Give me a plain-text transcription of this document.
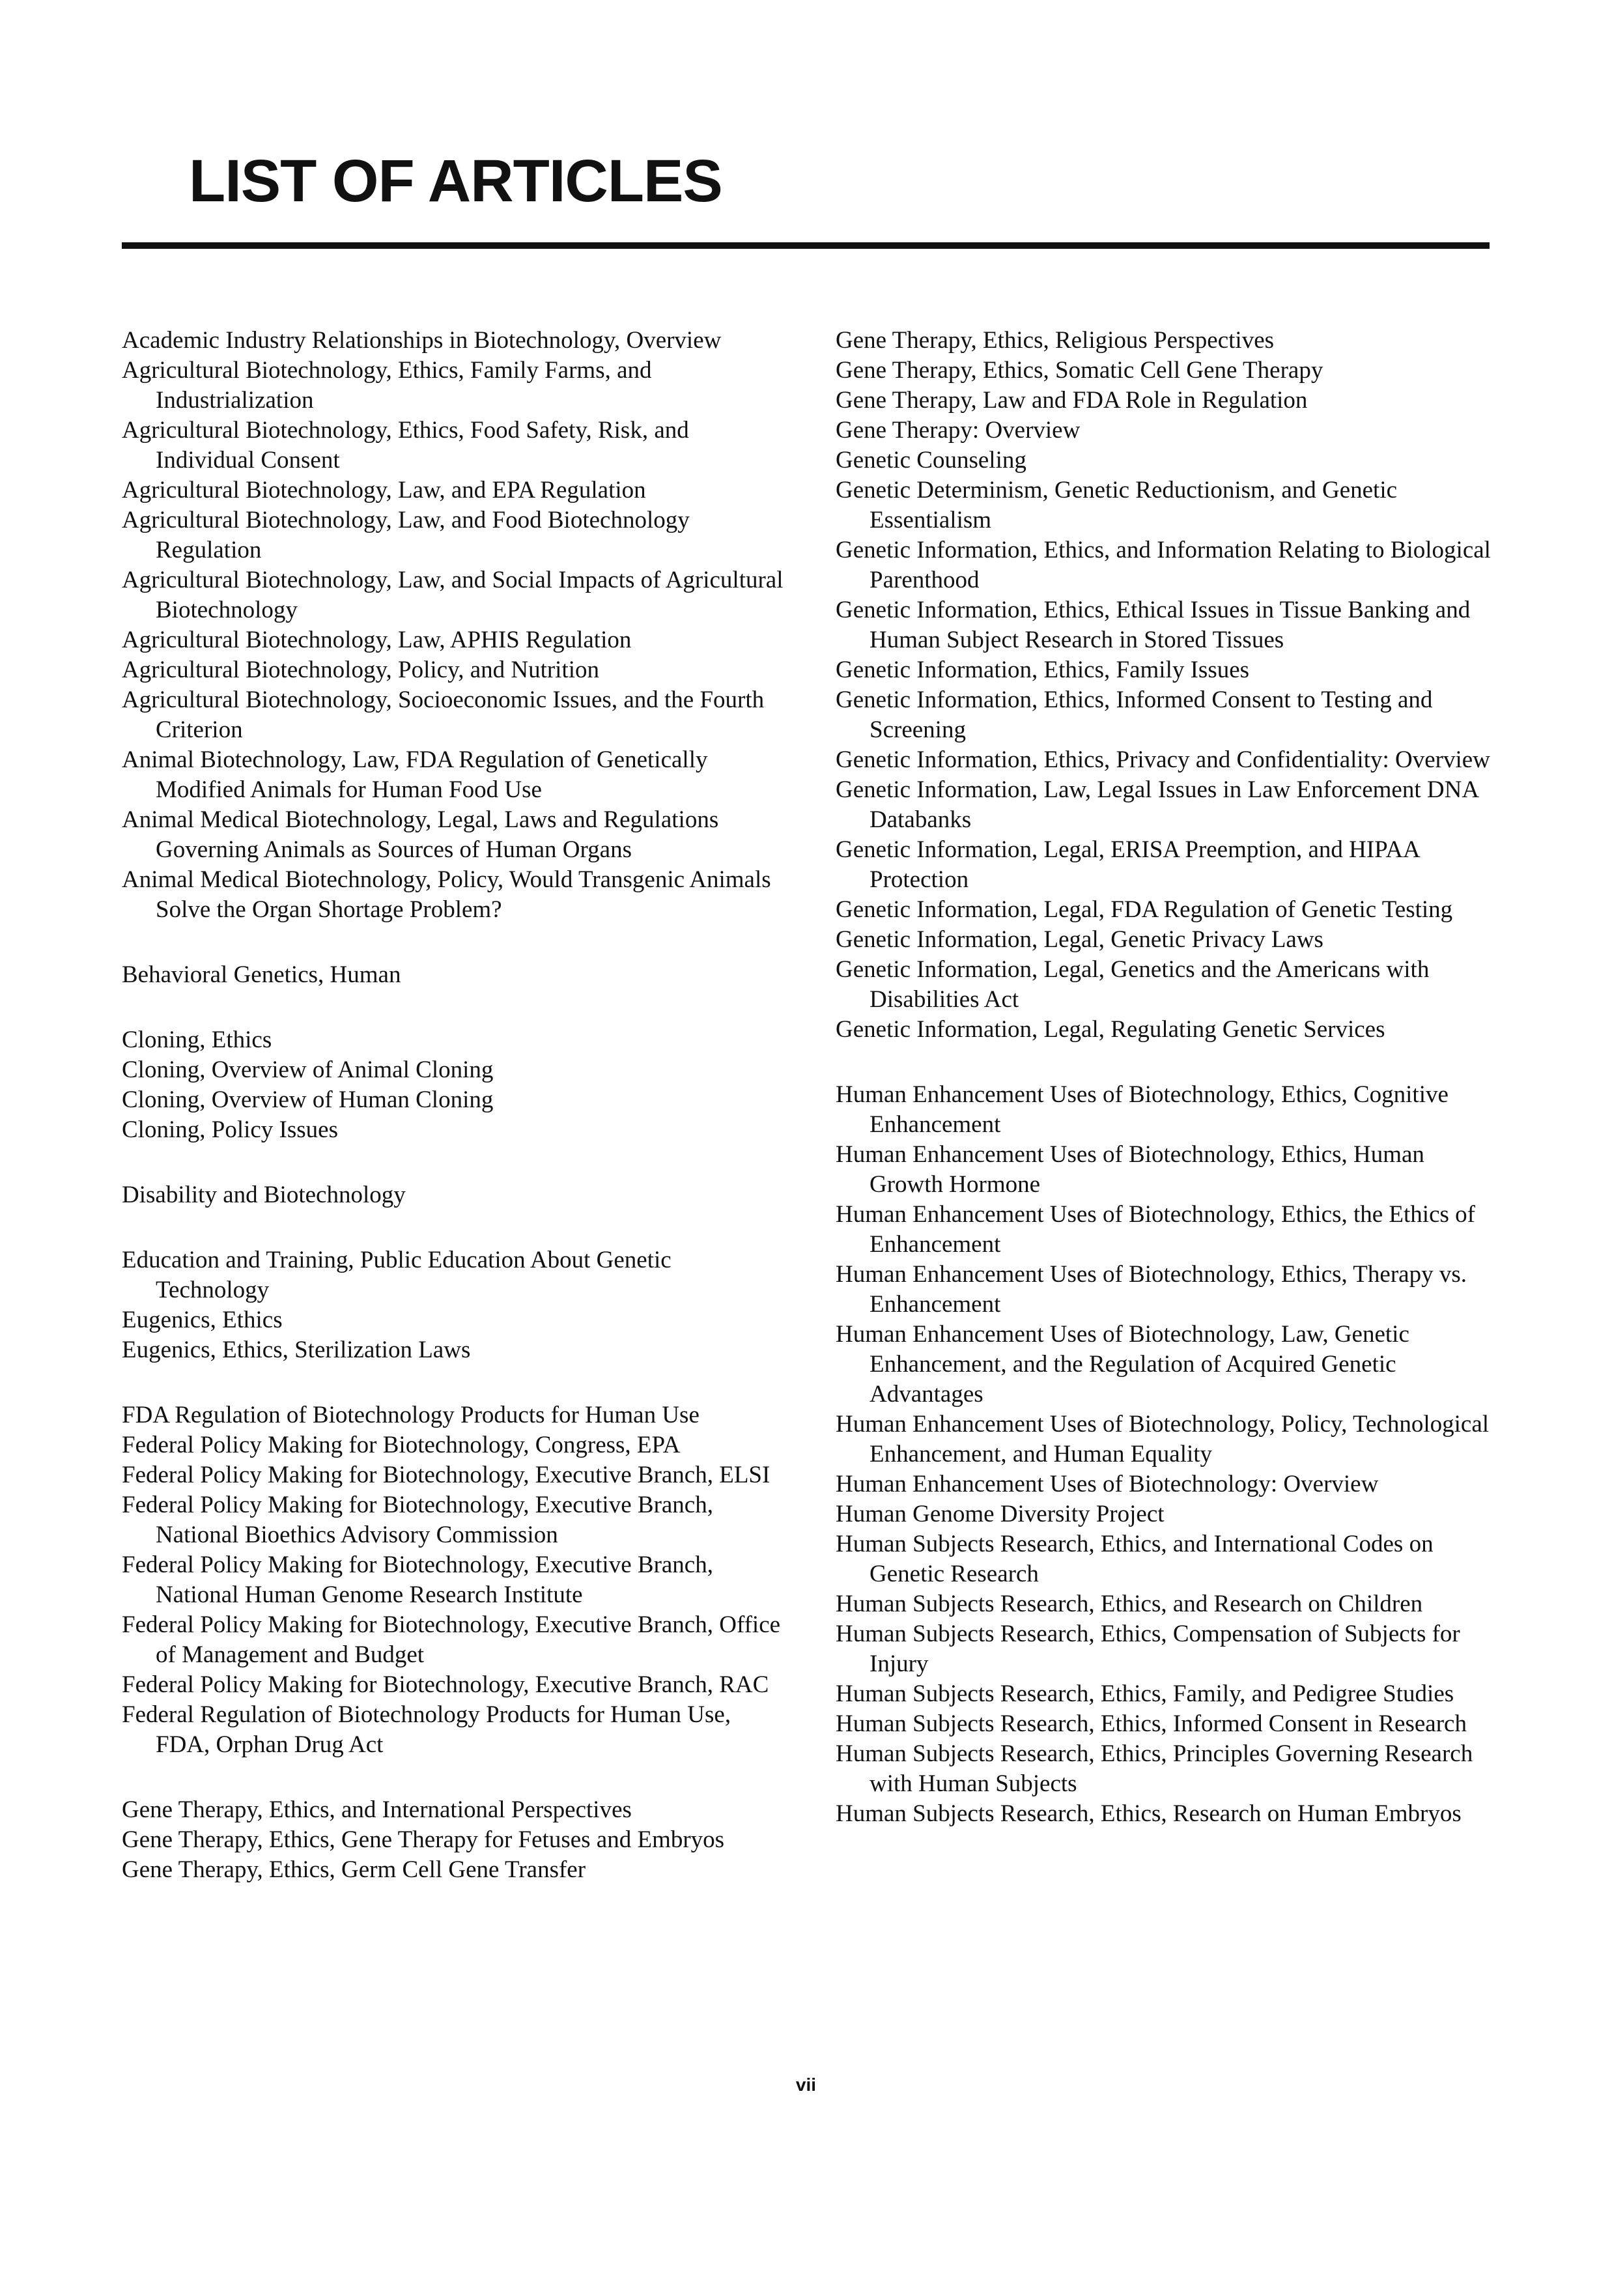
LIST OF ARTICLES
Academic Industry Relationships in Biotechnology, Overview
Agricultural Biotechnology, Ethics, Family Farms, and Industrialization
Agricultural Biotechnology, Ethics, Food Safety, Risk, and Individual Consent
Agricultural Biotechnology, Law, and EPA Regulation
Agricultural Biotechnology, Law, and Food Biotechnology Regulation
Agricultural Biotechnology, Law, and Social Impacts of Agricultural Biotechnology
Agricultural Biotechnology, Law, APHIS Regulation
Agricultural Biotechnology, Policy, and Nutrition
Agricultural Biotechnology, Socioeconomic Issues, and the Fourth Criterion
Animal Biotechnology, Law, FDA Regulation of Genetically Modified Animals for Human Food Use
Animal Medical Biotechnology, Legal, Laws and Regulations Governing Animals as Sources of Human Organs
Animal Medical Biotechnology, Policy, Would Transgenic Animals Solve the Organ Shortage Problem?
Behavioral Genetics, Human
Cloning, Ethics
Cloning, Overview of Animal Cloning
Cloning, Overview of Human Cloning
Cloning, Policy Issues
Disability and Biotechnology
Education and Training, Public Education About Genetic Technology
Eugenics, Ethics
Eugenics, Ethics, Sterilization Laws
FDA Regulation of Biotechnology Products for Human Use
Federal Policy Making for Biotechnology, Congress, EPA
Federal Policy Making for Biotechnology, Executive Branch, ELSI
Federal Policy Making for Biotechnology, Executive Branch, National Bioethics Advisory Commission
Federal Policy Making for Biotechnology, Executive Branch, National Human Genome Research Institute
Federal Policy Making for Biotechnology, Executive Branch, Office of Management and Budget
Federal Policy Making for Biotechnology, Executive Branch, RAC
Federal Regulation of Biotechnology Products for Human Use, FDA, Orphan Drug Act
Gene Therapy, Ethics, and International Perspectives
Gene Therapy, Ethics, Gene Therapy for Fetuses and Embryos
Gene Therapy, Ethics, Germ Cell Gene Transfer
Gene Therapy, Ethics, Religious Perspectives
Gene Therapy, Ethics, Somatic Cell Gene Therapy
Gene Therapy, Law and FDA Role in Regulation
Gene Therapy: Overview
Genetic Counseling
Genetic Determinism, Genetic Reductionism, and Genetic Essentialism
Genetic Information, Ethics, and Information Relating to Biological Parenthood
Genetic Information, Ethics, Ethical Issues in Tissue Banking and Human Subject Research in Stored Tissues
Genetic Information, Ethics, Family Issues
Genetic Information, Ethics, Informed Consent to Testing and Screening
Genetic Information, Ethics, Privacy and Confidentiality: Overview
Genetic Information, Law, Legal Issues in Law Enforcement DNA Databanks
Genetic Information, Legal, ERISA Preemption, and HIPAA Protection
Genetic Information, Legal, FDA Regulation of Genetic Testing
Genetic Information, Legal, Genetic Privacy Laws
Genetic Information, Legal, Genetics and the Americans with Disabilities Act
Genetic Information, Legal, Regulating Genetic Services
Human Enhancement Uses of Biotechnology, Ethics, Cognitive Enhancement
Human Enhancement Uses of Biotechnology, Ethics, Human Growth Hormone
Human Enhancement Uses of Biotechnology, Ethics, the Ethics of Enhancement
Human Enhancement Uses of Biotechnology, Ethics, Therapy vs. Enhancement
Human Enhancement Uses of Biotechnology, Law, Genetic Enhancement, and the Regulation of Acquired Genetic Advantages
Human Enhancement Uses of Biotechnology, Policy, Technological Enhancement, and Human Equality
Human Enhancement Uses of Biotechnology: Overview
Human Genome Diversity Project
Human Subjects Research, Ethics, and International Codes on Genetic Research
Human Subjects Research, Ethics, and Research on Children
Human Subjects Research, Ethics, Compensation of Subjects for Injury
Human Subjects Research, Ethics, Family, and Pedigree Studies
Human Subjects Research, Ethics, Informed Consent in Research
Human Subjects Research, Ethics, Principles Governing Research with Human Subjects
Human Subjects Research, Ethics, Research on Human Embryos
vii
